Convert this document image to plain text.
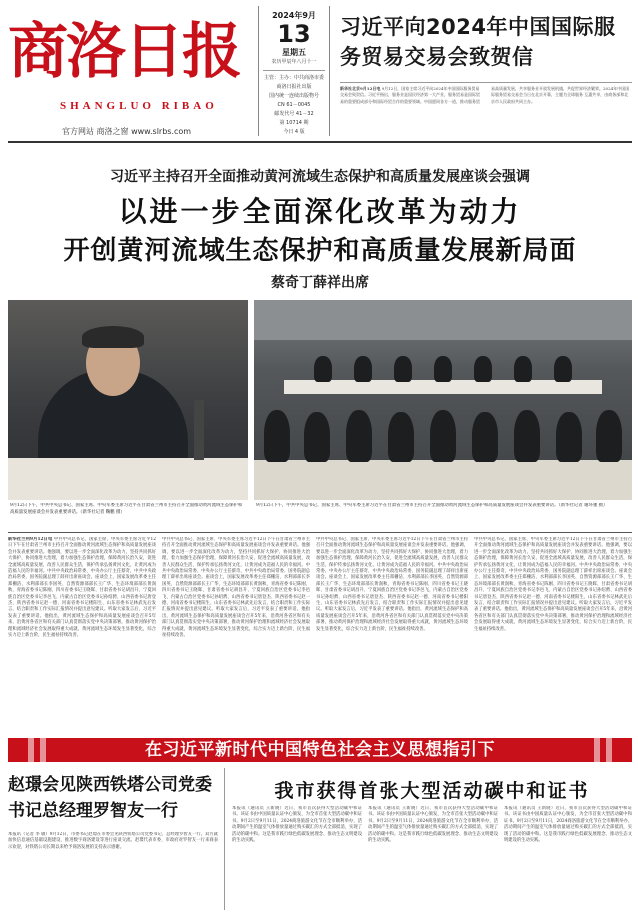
商洛日报
SHANGLUO RIBAO
官方网站 商洛之窗 www.slrbs.com
2024年9月
13
星期五
农历甲辰年八月十一
主管：主办：中共商洛市委
商洛日报社出版
国内统一连续出版物号
CN 61－0045
邮发代号 41－32
第 10714 期
今日 4 版
习近平向2024年中国国际服务贸易交易会致贺信
新华社北京9月12日电 9月12日，国家主席习近平向2024年中国国际服务贸易交易会致贺信。习近平指出，服务业是国民经济第一大产业，服务贸易是国际贸易的重要组成部分和国际经贸合作的重要领域。中国愿同各方一道，推动服务贸易高质量发展，共享服务业开放发展机遇，共促世界经济繁荣。2024年中国国际服务贸易交易会当日在北京开幕，主题为全球服务 互惠共享，由商务部和北京市人民政府共同主办。
习近平主持召开全面推动黄河流域生态保护和高质量发展座谈会强调
以进一步全面深化改革为动力
开创黄河流域生态保护和高质量发展新局面
蔡奇丁薛祥出席
9月12日下午，中共中央总书记、国家主席、中央军委主席习近平在甘肃省兰州市主持召开全面推动黄河流域生态保护和高质量发展座谈会并发表重要讲话。（新华社记者 鞠鹏 摄）
9月12日下午，中共中央总书记、国家主席、中央军委主席习近平在甘肃省兰州市主持召开全面推动黄河流域生态保护和高质量发展座谈会并发表重要讲话。（新华社记者 谢环驰 摄）
新华社兰州9月12日电 中共中央总书记、国家主席、中央军委主席习近平12日下午在甘肃省兰州市主持召开全面推动黄河流域生态保护和高质量发展座谈会并发表重要讲话。他强调，要以进一步全面深化改革为动力，坚持共同抓好大保护、协同推进大治理，着力加强生态保护治理，保障黄河长治久安，促进全流域高质量发展，改善人民群众生活，保护传承弘扬黄河文化，让黄河成为造福人民的幸福河。中共中央政治局常委、中央办公厅主任蔡奇，中共中央政治局常委、国务院副总理丁薛祥出席座谈会。座谈会上，国家发展改革委主任郑栅洁、水利部部长李国英、自然资源部部长王广华、生态环境部部长黄润秋、青海省委书记陈刚、四川省委书记王晓晖、甘肃省委书记胡昌升、宁夏回族自治区党委书记李邑飞、内蒙古自治区党委书记孙绍骋、山西省委书记唐登杰、陕西省委书记赵一德、河南省委书记楼阳生、山东省委书记林武先后发言，结合职责和工作实际汇报情况并提出意见建议。听取大家发言后，习近平发表了重要讲话。他指出，黄河流域生态保护和高质量发展座谈会召开5年来，沿黄河各省区和有关部门认真贯彻落实党中央决策部署，推动黄河保护治理和流域经济社会发展取得重大成就，黄河流域生态环境发生显著变化，综合实力迈上新台阶，民生福祉持续改善。
中共中央总书记、国家主席、中央军委主席习近平12日下午在甘肃省兰州市主持召开全面推动黄河流域生态保护和高质量发展座谈会并发表重要讲话。他强调，要以进一步全面深化改革为动力，坚持共同抓好大保护、协同推进大治理，着力加强生态保护治理，保障黄河长治久安，促进全流域高质量发展，改善人民群众生活，保护传承弘扬黄河文化，让黄河成为造福人民的幸福河。中共中央政治局常委、中央办公厅主任蔡奇，中共中央政治局常委、国务院副总理丁薛祥出席座谈会。座谈会上，国家发展改革委主任郑栅洁、水利部部长李国英、自然资源部部长王广华、生态环境部部长黄润秋、青海省委书记陈刚、四川省委书记王晓晖、甘肃省委书记胡昌升、宁夏回族自治区党委书记李邑飞、内蒙古自治区党委书记孙绍骋、山西省委书记唐登杰、陕西省委书记赵一德、河南省委书记楼阳生、山东省委书记林武先后发言，结合职责和工作实际汇报情况并提出意见建议。听取大家发言后，习近平发表了重要讲话。他指出，黄河流域生态保护和高质量发展座谈会召开5年来，沿黄河各省区和有关部门认真贯彻落实党中央决策部署，推动黄河保护治理和流域经济社会发展取得重大成就，黄河流域生态环境发生显著变化，综合实力迈上新台阶，民生福祉持续改善。
中共中央总书记、国家主席、中央军委主席习近平12日下午在甘肃省兰州市主持召开全面推动黄河流域生态保护和高质量发展座谈会并发表重要讲话。他强调，要以进一步全面深化改革为动力，坚持共同抓好大保护、协同推进大治理，着力加强生态保护治理，保障黄河长治久安，促进全流域高质量发展，改善人民群众生活，保护传承弘扬黄河文化，让黄河成为造福人民的幸福河。中共中央政治局常委、中央办公厅主任蔡奇，中共中央政治局常委、国务院副总理丁薛祥出席座谈会。座谈会上，国家发展改革委主任郑栅洁、水利部部长李国英、自然资源部部长王广华、生态环境部部长黄润秋、青海省委书记陈刚、四川省委书记王晓晖、甘肃省委书记胡昌升、宁夏回族自治区党委书记李邑飞、内蒙古自治区党委书记孙绍骋、山西省委书记唐登杰、陕西省委书记赵一德、河南省委书记楼阳生、山东省委书记林武先后发言，结合职责和工作实际汇报情况并提出意见建议。听取大家发言后，习近平发表了重要讲话。他指出，黄河流域生态保护和高质量发展座谈会召开5年来，沿黄河各省区和有关部门认真贯彻落实党中央决策部署，推动黄河保护治理和流域经济社会发展取得重大成就，黄河流域生态环境发生显著变化，综合实力迈上新台阶，民生福祉持续改善。
中共中央总书记、国家主席、中央军委主席习近平12日下午在甘肃省兰州市主持召开全面推动黄河流域生态保护和高质量发展座谈会并发表重要讲话。他强调，要以进一步全面深化改革为动力，坚持共同抓好大保护、协同推进大治理，着力加强生态保护治理，保障黄河长治久安，促进全流域高质量发展，改善人民群众生活，保护传承弘扬黄河文化，让黄河成为造福人民的幸福河。中共中央政治局常委、中央办公厅主任蔡奇，中共中央政治局常委、国务院副总理丁薛祥出席座谈会。座谈会上，国家发展改革委主任郑栅洁、水利部部长李国英、自然资源部部长王广华、生态环境部部长黄润秋、青海省委书记陈刚、四川省委书记王晓晖、甘肃省委书记胡昌升、宁夏回族自治区党委书记李邑飞、内蒙古自治区党委书记孙绍骋、山西省委书记唐登杰、陕西省委书记赵一德、河南省委书记楼阳生、山东省委书记林武先后发言，结合职责和工作实际汇报情况并提出意见建议。听取大家发言后，习近平发表了重要讲话。他指出，黄河流域生态保护和高质量发展座谈会召开5年来，沿黄河各省区和有关部门认真贯彻落实党中央决策部署，推动黄河保护治理和流域经济社会发展取得重大成就，黄河流域生态环境发生显著变化，综合实力迈上新台阶，民生福祉持续改善。
在习近平新时代中国特色社会主义思想指引下
赵璟会见陕西铁塔公司党委书记总经理罗智友一行
本报讯（记者 李 敏）9月12日，市委书记赵璟在市委会见陕西铁塔公司党委书记、总经理罗智友一行。双方就加快信息通信基础设施建设、推进数字商洛建设等进行座谈交流。赵璟代表市委、市政府对罗智友一行来商表示欢迎，对铁塔公司长期以来给予商洛发展的支持表示感谢。
我市获得首张大型活动碳中和证书
本报讯（通讯员 王新晓）近日，我市首次获得大型活动碳中和证书。该证书由中国质量认证中心颁发，为全市首张大型活动碳中和证书。9月2日至9月11日，2024商洛旅游文化节在全市顺利举办，活动期间产生的温室气体排放量通过购买碳汇的方式全部抵消，实现了活动的碳中和。这是我市践行绿色低碳发展理念、推动生态文明建设的生动实践。
本报讯（通讯员 王新晓）近日，我市首次获得大型活动碳中和证书。该证书由中国质量认证中心颁发，为全市首张大型活动碳中和证书。9月2日至9月11日，2024商洛旅游文化节在全市顺利举办，活动期间产生的温室气体排放量通过购买碳汇的方式全部抵消，实现了活动的碳中和。这是我市践行绿色低碳发展理念、推动生态文明建设的生动实践。
本报讯（通讯员 王新晓）近日，我市首次获得大型活动碳中和证书。该证书由中国质量认证中心颁发，为全市首张大型活动碳中和证书。9月2日至9月11日，2024商洛旅游文化节在全市顺利举办，活动期间产生的温室气体排放量通过购买碳汇的方式全部抵消，实现了活动的碳中和。这是我市践行绿色低碳发展理念、推动生态文明建设的生动实践。
